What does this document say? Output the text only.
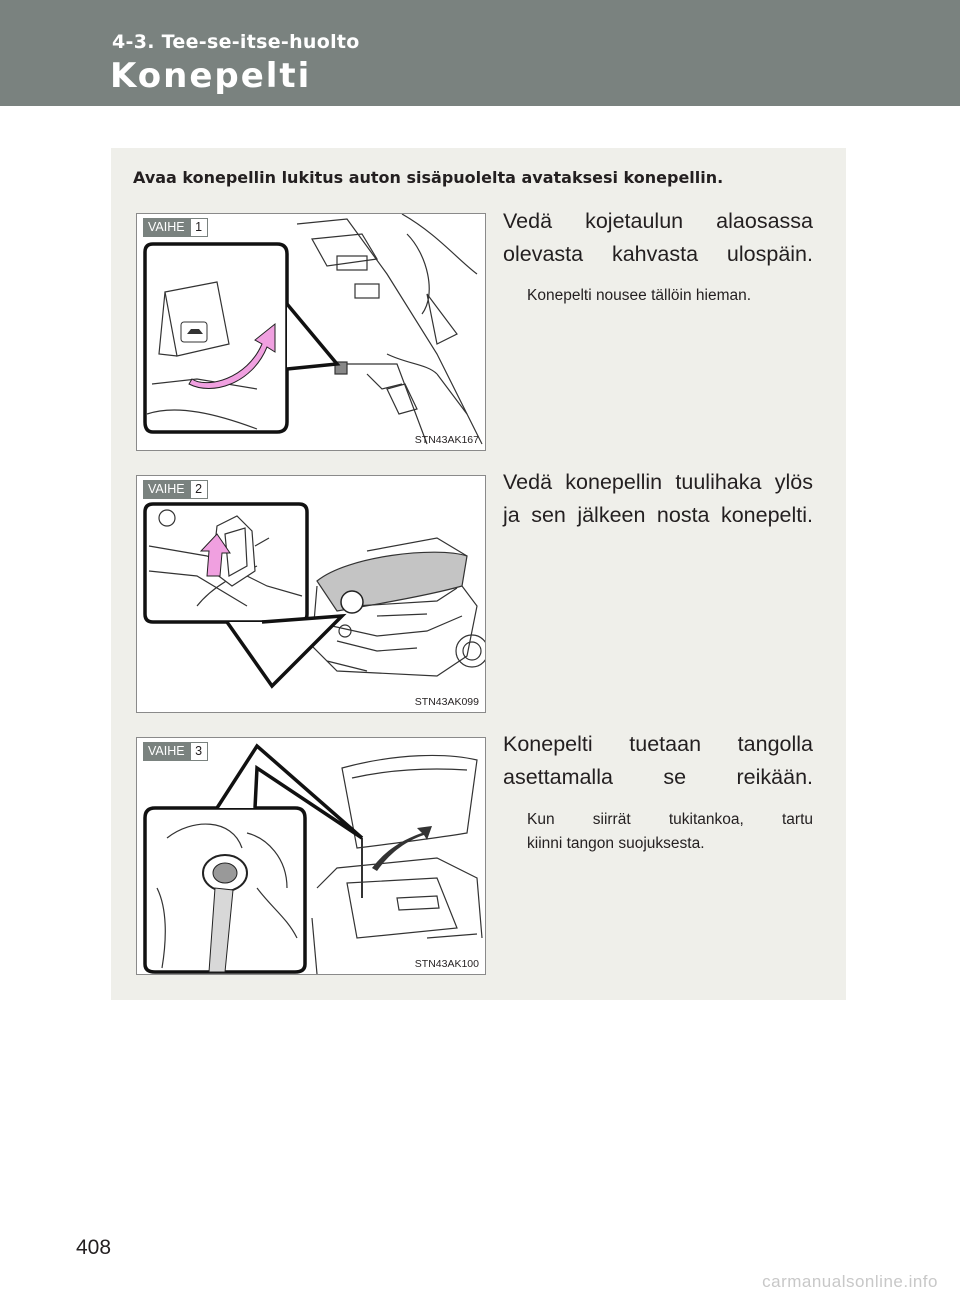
4-3. Tee-se-itse-huolto
Konepelti
Avaa konepellin lukitus auton sisäpuolelta avataksesi konepellin.
VAIHE 1
STN43AK167
Vedä kojetaulun alaosassa
olevasta kahvasta ulospäin.
Konepelti nousee tällöin hieman.
VAIHE 2
STN43AK099
Vedä konepellin tuulihaka ylös
ja sen jälkeen nosta konepelti.
VAIHE 3
STN43AK100
Konepelti tuetaan tangolla
asettamalla se reikään.
Kun siirrät tukitankoa, tartu
kiinni tangon suojuksesta.
408
carmanualsonline.info
